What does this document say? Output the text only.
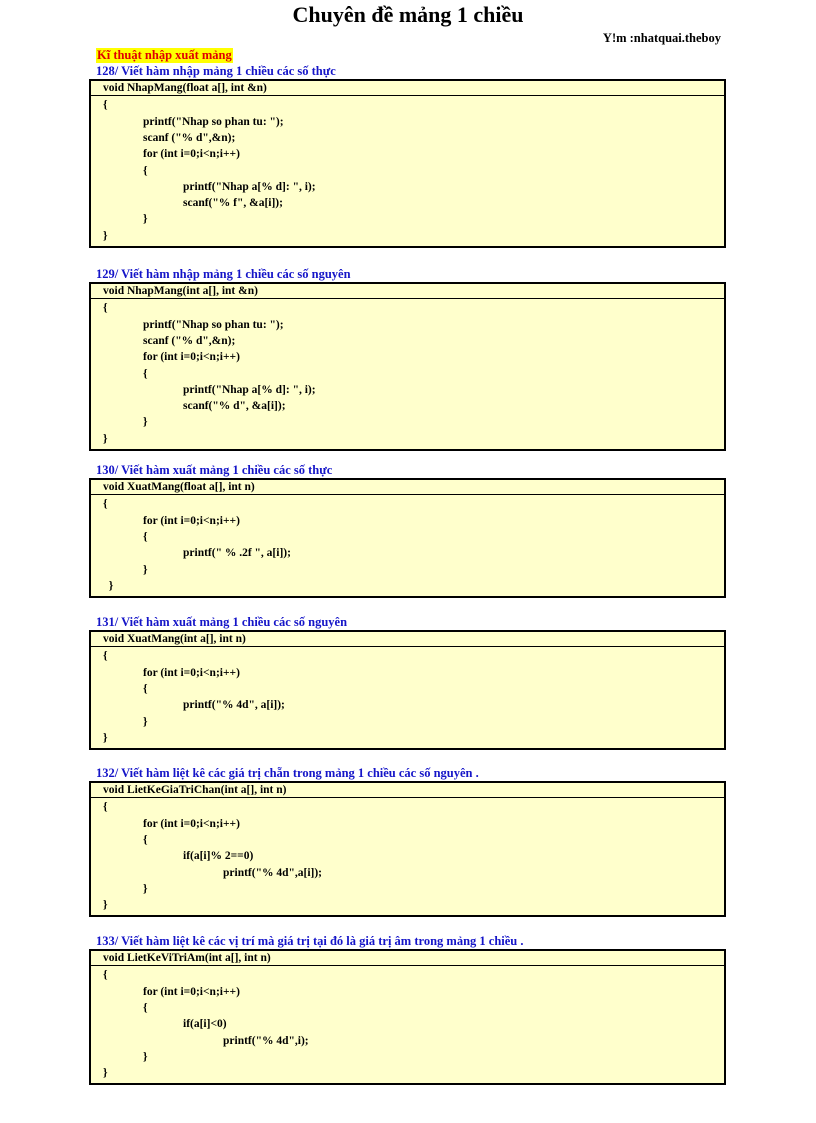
Chuyên đề mảng 1 chiều
Y!m :nhatquai.theboy
Kĩ thuật nhập xuất mảng
128/ Viết hàm nhập mảng 1 chiều các số thực
void NhapMang(float a[], int &n)
{
printf("Nhap so phan tu: ");
scanf ("% d",&n);
for (int i=0;i<n;i++)
{
printf("Nhap a[% d]: ", i);
scanf("% f", &a[i]);
}
}
129/ Viết hàm nhập mảng 1 chiều các số nguyên
void NhapMang(int a[], int &n)
{
printf("Nhap so phan tu: ");
scanf ("% d",&n);
for (int i=0;i<n;i++)
{
printf("Nhap a[% d]: ", i);
scanf("% d", &a[i]);
}
}
130/ Viết hàm xuất mảng 1 chiều các số thực
void XuatMang(float a[], int n)
{
for (int i=0;i<n;i++)
{
printf(" % .2f ", a[i]);
}
}
131/ Viết hàm xuất mảng 1 chiều các số nguyên
void XuatMang(int a[], int n)
{
for (int i=0;i<n;i++)
{
printf("% 4d", a[i]);
}
}
132/ Viết hàm liệt kê các giá trị chẵn trong mảng 1 chiều các số nguyên .
void LietKeGiaTriChan(int a[], int n)
{
for (int i=0;i<n;i++)
{
if(a[i]% 2==0)
printf("% 4d",a[i]);
}
}
133/ Viết hàm liệt kê các vị trí mà giá trị tại đó là giá trị âm trong mảng 1 chiều .
void LietKeViTriAm(int a[], int n)
{
for (int i=0;i<n;i++)
{
if(a[i]<0)
printf("% 4d",i);
}
}
